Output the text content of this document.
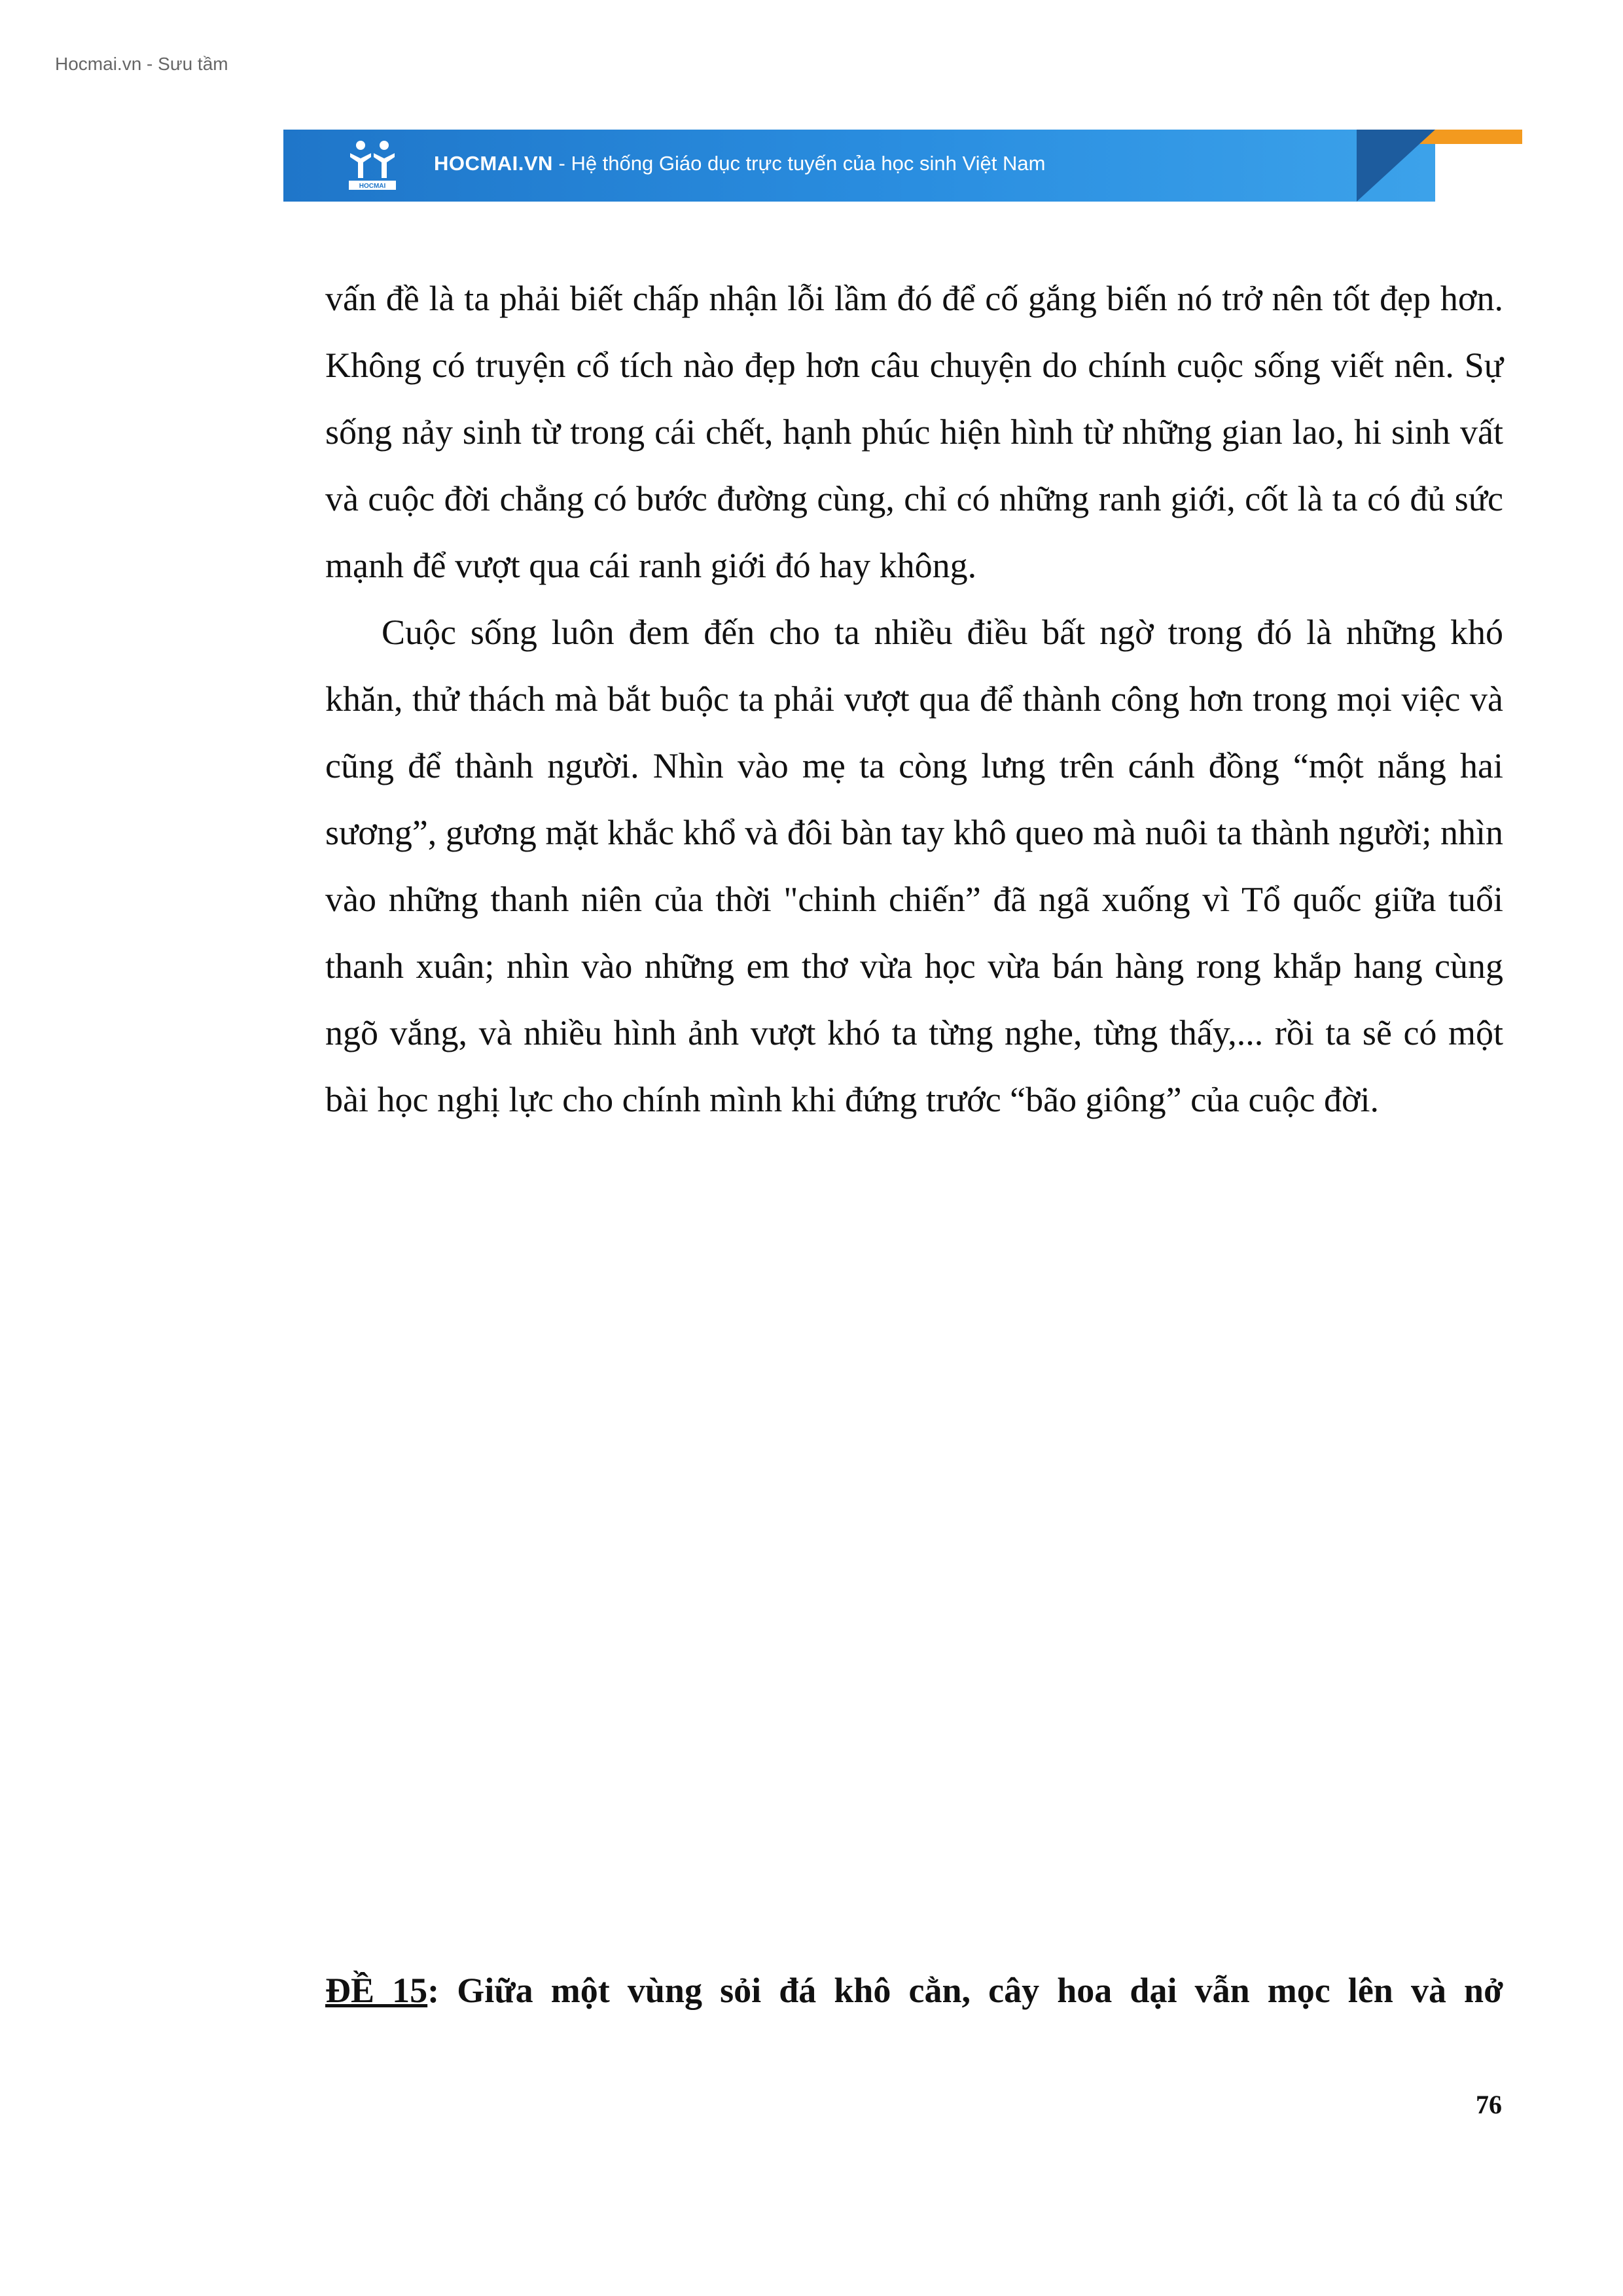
Hocmai.vn - Sưu tầm
HOCMAI
HOCMAI.VN - Hệ thống Giáo dục trực tuyến của học sinh Việt Nam

vấn đề là ta phải biết chấp nhận lỗi lầm đó để cố gắng biến nó trở nên tốt đẹp hơn. Không có truyện cổ tích nào đẹp hơn câu chuyện do chính cuộc sống viết nên. Sự sống nảy sinh từ trong cái chết, hạnh phúc hiện hình từ những gian lao, hi sinh vất và cuộc đời chẳng có bước đường cùng, chỉ có những ranh giới, cốt là ta có đủ sức mạnh để vượt qua cái ranh giới đó hay không.

Cuộc sống luôn đem đến cho ta nhiều điều bất ngờ trong đó là những khó khăn, thử thách mà bắt buộc ta phải vượt qua để thành công hơn trong mọi việc và cũng để thành người. Nhìn vào mẹ ta còng lưng trên cánh đồng “một nắng hai sương”, gương mặt khắc khổ và đôi bàn tay khô queo mà nuôi ta thành người; nhìn vào những thanh niên của thời "chinh chiến” đã ngã xuống vì Tổ quốc giữa tuổi thanh xuân; nhìn vào những em thơ vừa học vừa bán hàng rong khắp hang cùng ngõ vắng, và nhiều hình ảnh vượt khó ta từng nghe, từng thấy,... rồi ta sẽ có một bài học nghị lực cho chính mình khi đứng trước “bão giông” của cuộc đời.

ĐỀ 15: Giữa một vùng sỏi đá khô cằn, cây hoa dại vẫn mọc lên và nở
76
